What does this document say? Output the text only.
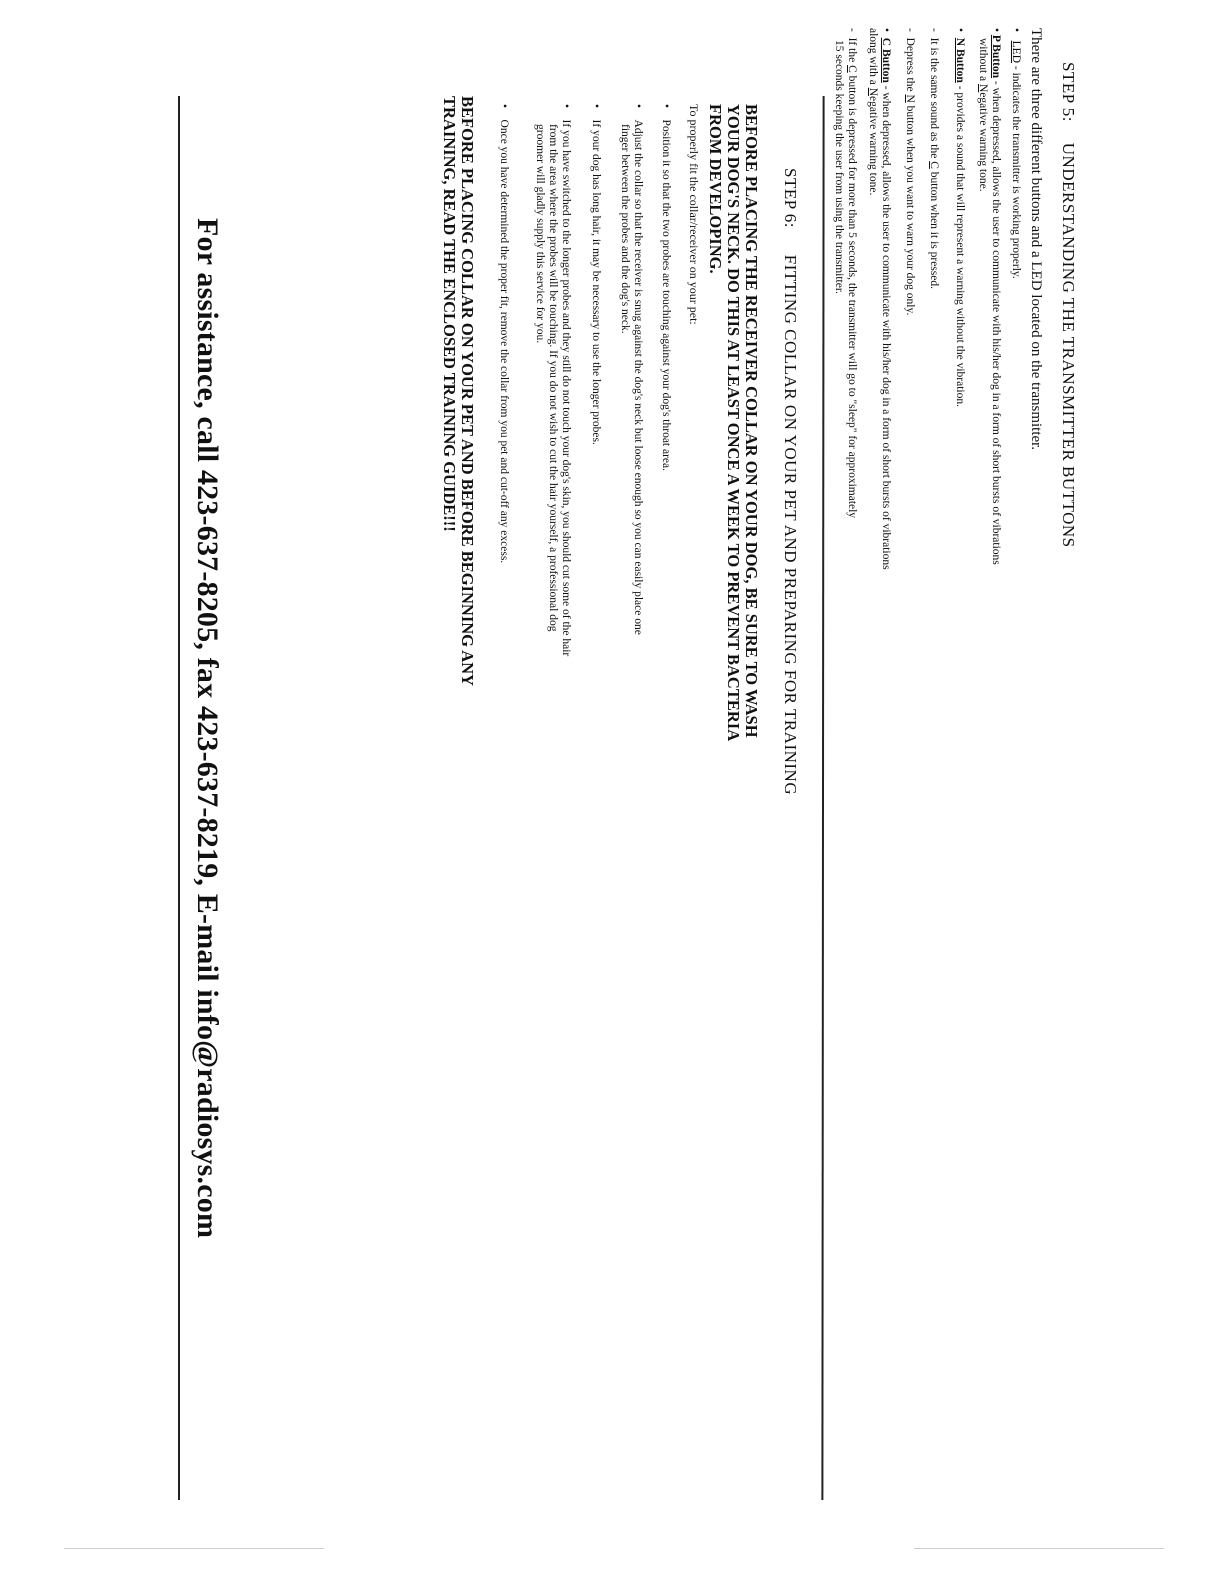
STEP 5: UNDERSTANDING THE TRANSMITTER BUTTONS
There are three different buttons and a LED located on the transmitter.
•   LED - indicates the transmitter is working properly.
• P Button - when depressed, allows the user to communicate with his/her dog in a form of short bursts of vibrations
without a Negative warning tone.
•  N Button - provides a sound that will represent a warning without the vibration.
-  It is the same sound as the C button when it is pressed.
-  Depress the N button when you want to warn your dog only.
•  C Button - when depressed, allows the user to communicate with his/her dog in a form of short bursts of vibrations
along with a Negative warning tone.
-  If the C button is depressed for more than 5 seconds, the transmitter will go to "sleep" for approximately
15 seconds keeping the user from using the transmitter.
STEP 6: FITTING COLLAR ON YOUR PET AND PREPARING FOR TRAINING
BEFORE PLACING THE RECEIVER COLLAR ON YOUR DOG, BE SURE TO WASH
YOUR DOG'S NECK. DO THIS AT LEAST ONCE A WEEK TO PREVENT BACTERIA
FROM DEVELOPING.
To properly fit the collar/receiver on your pet:
•    Position it so that the two probes are touching against your dog's throat area.
•    Adjust the collar so that the receiver is snug against the dog's neck but loose enough so you can easily place one
finger between the probes and the dog's neck.
•    If your dog has long hair, it may be necessary to use the longer probes.
•    If you have switched to the longer probes and they still do not touch your dog's skin, you should cut some of the hair
from the area where the probes will be touching. If you do not wish to cut the hair yourself, a professional dog
groomer will gladly supply this service for you.
•    Once you have determined the proper fit, remove the collar from you pet and cut-off any excess.
BEFORE PLACING COLLAR ON YOUR PET AND BEFORE BEGINNING ANY
TRAINING, READ THE ENCLOSED TRAINING GUIDE!!!
For assistance, call 423-637-8205, fax 423-637-8219, E-mail info@radiosys.com
